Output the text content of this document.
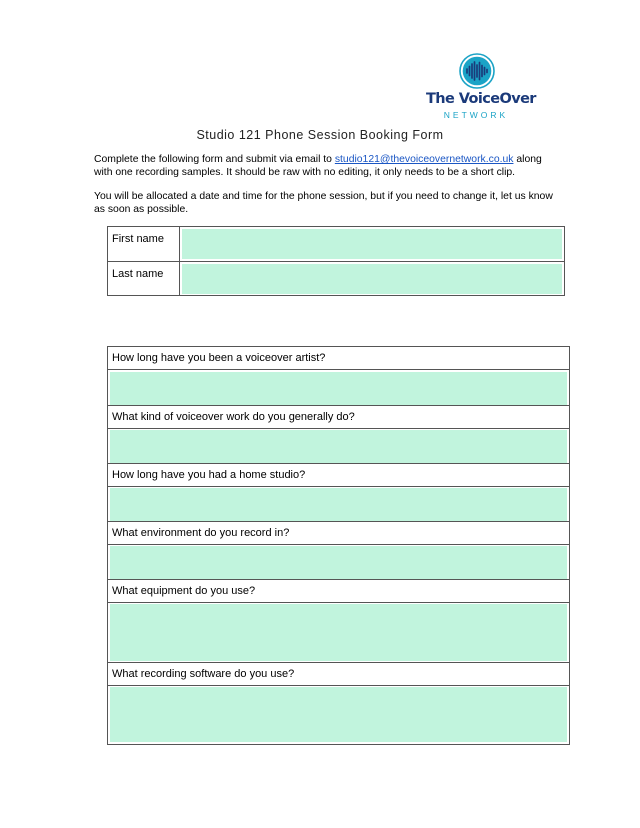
The VoiceOver
NETWORK
Studio 121 Phone Session Booking Form
Complete the following form and submit via email to studio121@thevoiceovernetwork.co.uk along with one recording samples. It should be raw with no editing, it only needs to be a short clip.
You will be allocated a date and time for the phone session, but if you need to change it, let us know as soon as possible.
First name
Last name
How long have you been a voiceover artist?
What kind of voiceover work do you generally do?
How long have you had a home studio?
What environment do you record in?
What equipment do you use?
What recording software do you use?
